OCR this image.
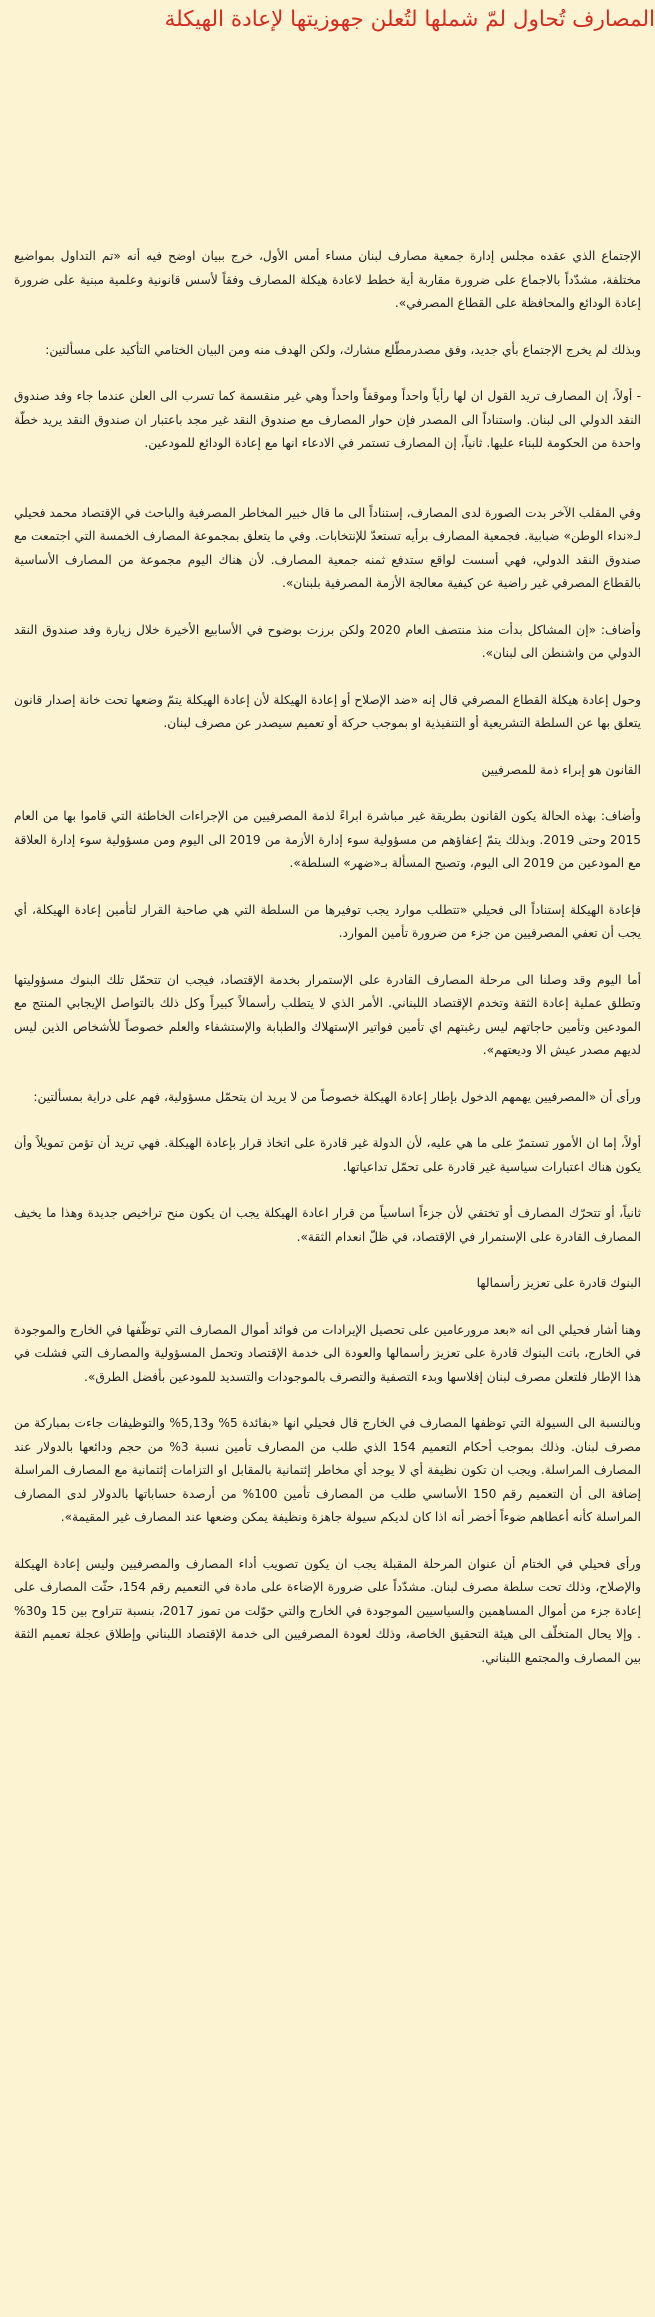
المصارف تُحاول لمّ شملها لتُعلن جهوزيتها لإعادة الهيكلة

الإجتماع الذي عقده مجلس إدارة جمعية مصارف لبنان مساء أمس الأول، خرج ببيان اوضح فيه أنه «تم التداول بمواضيع مختلفة، مشدّداً بالاجماع على ضرورة مقاربة أية خطط لاعادة هيكلة المصارف وفقاً لأسس قانونية وعلمية مبنية على ضرورة إعادة الودائع والمحافظة على القطاع المصرفي».

وبذلك لم يخرج الإجتماع بأي جديد، وفق مصدرمطّلع مشارك، ولكن الهدف منه ومن البيان الختامي التأكيد على مسألتين:

- أولاً، إن المصارف تريد القول ان لها رأياً واحداً وموقفاً واحداً وهي غير منقسمة كما تسرب الى العلن عندما جاء وفد صندوق النقد الدولي الى لبنان. واستناداً الى المصدر فإن حوار المصارف مع صندوق النقد غير مجد باعتبار ان صندوق النقد يريد خطّة واحدة من الحكومة للبناء عليها. ثانياً، إن المصارف تستمر في الادعاء انها مع إعادة الودائع للمودعين.

وفي المقلب الآخر بدت الصورة لدى المصارف، إستناداً الى ما قال خبير المخاطر المصرفية والباحث في الإقتصاد محمد فحيلي لـ«نداء الوطن» ضبابية. فجمعية المصارف برأيه تستعدّ للإنتخابات. وفي ما يتعلق بمجموعة المصارف الخمسة التي اجتمعت مع صندوق النقد الدولي، فهي أسست لواقع ستدفع ثمنه جمعية المصارف. لأن هناك اليوم مجموعة من المصارف الأساسية بالقطاع المصرفي غير راضية عن كيفية معالجة الأزمة المصرفية بلبنان».

وأضاف: «إن المشاكل بدأت منذ منتصف العام 2020 ولكن برزت بوضوح في الأسابيع الأخيرة خلال زيارة وفد صندوق النقد الدولي من واشنطن الى لبنان».

وحول إعادة هيكلة القطاع المصرفي قال إنه «ضد الإصلاح أو إعادة الهيكلة لأن إعادة الهيكلة يتمّ وضعها تحت خانة إصدار قانون يتعلق بها عن السلطة التشريعية أو التنفيذية او بموجب حركة أو تعميم سيصدر عن مصرف لبنان.

القانون هو إبراء ذمة للمصرفيين

وأضاف: بهذه الحالة يكون القانون بطريقة غير مباشرة ابراءً لذمة المصرفيين من الإجراءات الخاطئة التي قاموا بها من العام 2015 وحتى 2019. وبذلك يتمّ إعفاؤهم من مسؤولية سوء إدارة الأزمة من 2019 الى اليوم ومن مسؤولية سوء إدارة العلاقة مع المودعين من 2019 الى اليوم، وتصبح المسألة بـ«ضهر» السلطة».

فإعادة الهيكلة إستناداً الى فحيلي «تتطلب موارد يجب توفيرها من السلطة التي هي صاحبة القرار لتأمين إعادة الهيكلة، أي يجب أن تعفي المصرفيين من جزء من ضرورة تأمين الموارد.

أما اليوم وقد وصلنا الى مرحلة المصارف القادرة على الإستمرار بخدمة الإقتصاد، فيجب ان تتحمّل تلك البنوك مسؤوليتها وتطلق عملية إعادة الثقة وتخدم الإقتصاد اللبناني. الأمر الذي لا يتطلب رأسمالاً كبيراً وكل ذلك بالتواصل الإيجابي المنتج مع المودعين وتأمين حاجاتهم ليس رغبتهم اي تأمين فواتير الإستهلاك والطبابة والإستشفاء والعلم خصوصاً للأشخاص الذين ليس لديهم مصدر عيش الا وديعتهم».

ورأى أن «المصرفيين يهمهم الدخول بإطار إعادة الهيكلة خصوصاً من لا يريد ان يتحمّل مسؤولية، فهم على دراية بمسألتين:

أولاً، إما ان الأمور تستمرّ على ما هي عليه، لأن الدولة غير قادرة على اتخاذ قرار بإعادة الهيكلة. فهي تريد أن تؤمن تمويلاً وأن يكون هناك اعتبارات سياسية غير قادرة على تحمّل تداعياتها.

ثانياً، أو تتحرّك المصارف أو تختفي لأن جزءاً اساسياً من قرار اعادة الهيكلة يجب ان يكون منح تراخيص جديدة وهذا ما يخيف المصارف القادرة على الإستمرار في الإقتصاد، في ظلّ انعدام الثقة».

البنوك قادرة على تعزيز رأسمالها

وهنا أشار فحيلي الى انه «بعد مرورعامين على تحصيل الإيرادات من فوائد أموال المصارف التي توظّفها في الخارج والموجودة في الخارج، باتت البنوك قادرة على تعزيز رأسمالها والعودة الى خدمة الإقتصاد وتحمل المسؤولية والمصارف التي فشلت في هذا الإطار فلتعلن مصرف لبنان إفلاسها وبدء التصفية والتصرف بالموجودات والتسديد للمودعين بأفضل الطرق».

وبالنسبة الى السيولة التي توظفها المصارف في الخارج قال فحيلي انها «بفائدة 5% و5,13% والتوظيفات جاءت بمباركة من مصرف لبنان. وذلك بموجب أحكام التعميم 154 الذي طلب من المصارف تأمين نسبة 3% من حجم ودائعها بالدولار عند المصارف المراسلة. ويجب ان تكون نظيفة أي لا يوجد أي مخاطر إئتمانية بالمقابل او التزامات إئتمانية مع المصارف المراسلة إضافة الى أن التعميم رقم 150 الأساسي طلب من المصارف تأمين 100% من أرصدة حساباتها بالدولار لدى المصارف المراسلة كأنه أعطاهم ضوءاً أخضر أنه اذا كان لديكم سيولة جاهزة ونظيفة يمكن وضعها عند المصارف غير المقيمة».

ورأى فحيلي في الختام أن عنوان المرحلة المقبلة يجب ان يكون تصويب أداء المصارف والمصرفيين وليس إعادة الهيكلة والإصلاح، وذلك تحت سلطة مصرف لبنان. مشدّداً على ضرورة الإضاءة على مادة في التعميم رقم 154، حثّت المصارف على إعادة جزء من أموال المساهمين والسياسيين الموجودة في الخارج والتي حوّلت من تموز 2017، بنسبة تتراوح بين 15 و30% . وإلا يحال المتخلّف الى هيئة التحقيق الخاصة، وذلك لعودة المصرفيين الى خدمة الإقتصاد اللبناني وإطلاق عجلة تعميم الثقة بين المصارف والمجتمع اللبناني.
